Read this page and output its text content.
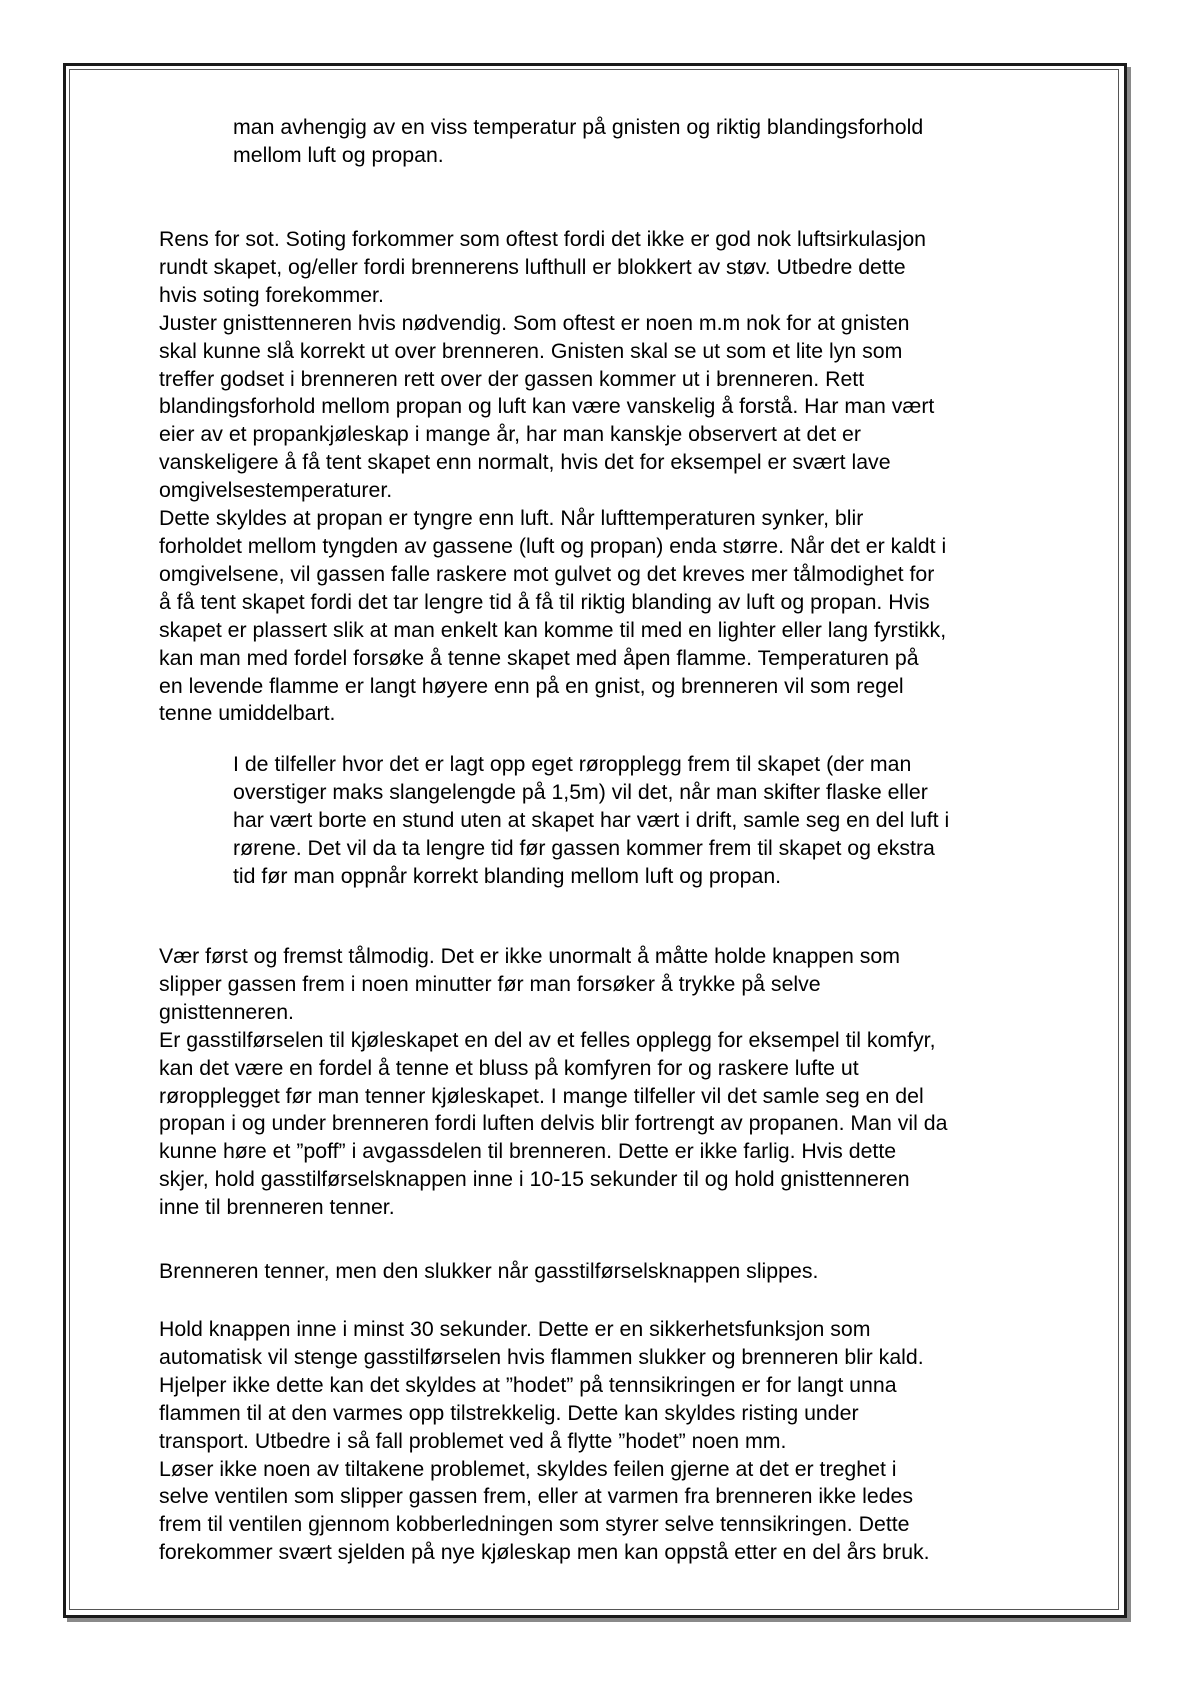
man avhengig av en viss temperatur på gnisten og riktig blandingsforhold
mellom luft og propan.

Rens for sot. Soting forkommer som oftest fordi det ikke er god nok luftsirkulasjon
rundt skapet, og/eller fordi brennerens lufthull er blokkert av støv. Utbedre dette
hvis soting forekommer.
Juster gnisttenneren hvis nødvendig. Som oftest er noen m.m nok for at gnisten
skal kunne slå korrekt ut over brenneren. Gnisten skal se ut som et lite lyn som
treffer godset i brenneren rett over der gassen kommer ut i brenneren. Rett
blandingsforhold mellom propan og luft kan være vanskelig å forstå. Har man vært
eier av et propankjøleskap i mange år, har man kanskje observert at det er
vanskeligere å få tent skapet enn normalt, hvis det for eksempel er svært lave
omgivelsestemperaturer.
Dette skyldes at propan er tyngre enn luft. Når lufttemperaturen synker, blir
forholdet mellom tyngden av gassene (luft og propan) enda større. Når det er kaldt i
omgivelsene, vil gassen falle raskere mot gulvet og det kreves mer tålmodighet for
å få tent skapet fordi det tar lengre tid å få til riktig blanding av luft og propan. Hvis
skapet er plassert slik at man enkelt kan komme til med en lighter eller lang fyrstikk,
kan man med fordel forsøke å tenne skapet med åpen flamme. Temperaturen på
en levende flamme er langt høyere enn på en gnist, og brenneren vil som regel
tenne umiddelbart.

I de tilfeller hvor det er lagt opp eget røropplegg frem til skapet (der man
overstiger maks slangelengde på 1,5m) vil det, når man skifter flaske eller
har vært borte en stund uten at skapet har vært i drift, samle seg en del luft i
rørene. Det vil da ta lengre tid før gassen kommer frem til skapet og ekstra
tid før man oppnår korrekt blanding mellom luft og propan.

Vær først og fremst tålmodig. Det er ikke unormalt å måtte holde knappen som
slipper gassen frem i noen minutter før man forsøker å trykke på selve
gnisttenneren.
Er gasstilførselen til kjøleskapet en del av et felles opplegg for eksempel til komfyr,
kan det være en fordel å tenne et bluss på komfyren for og raskere lufte ut
røropplegget før man tenner kjøleskapet. I mange tilfeller vil det samle seg en del
propan i og under brenneren fordi luften delvis blir fortrengt av propanen. Man vil da
kunne høre et ”poff” i avgassdelen til brenneren. Dette er ikke farlig. Hvis dette
skjer, hold gasstilførselsknappen inne i 10-15 sekunder til og hold gnisttenneren
inne til brenneren tenner.

Brenneren tenner, men den slukker når gasstilførselsknappen slippes.

Hold knappen inne i minst 30 sekunder. Dette er en sikkerhetsfunksjon som
automatisk vil stenge gasstilførselen hvis flammen slukker og brenneren blir kald.
Hjelper ikke dette kan det skyldes at ”hodet” på tennsikringen er for langt unna
flammen til at den varmes opp tilstrekkelig. Dette kan skyldes risting under
transport. Utbedre i så fall problemet ved å flytte ”hodet” noen mm.
Løser ikke noen av tiltakene problemet, skyldes feilen gjerne at det er treghet i
selve ventilen som slipper gassen frem, eller at varmen fra brenneren ikke ledes
frem til ventilen gjennom kobberledningen som styrer selve tennsikringen. Dette
forekommer svært sjelden på nye kjøleskap men kan oppstå etter en del års bruk.
